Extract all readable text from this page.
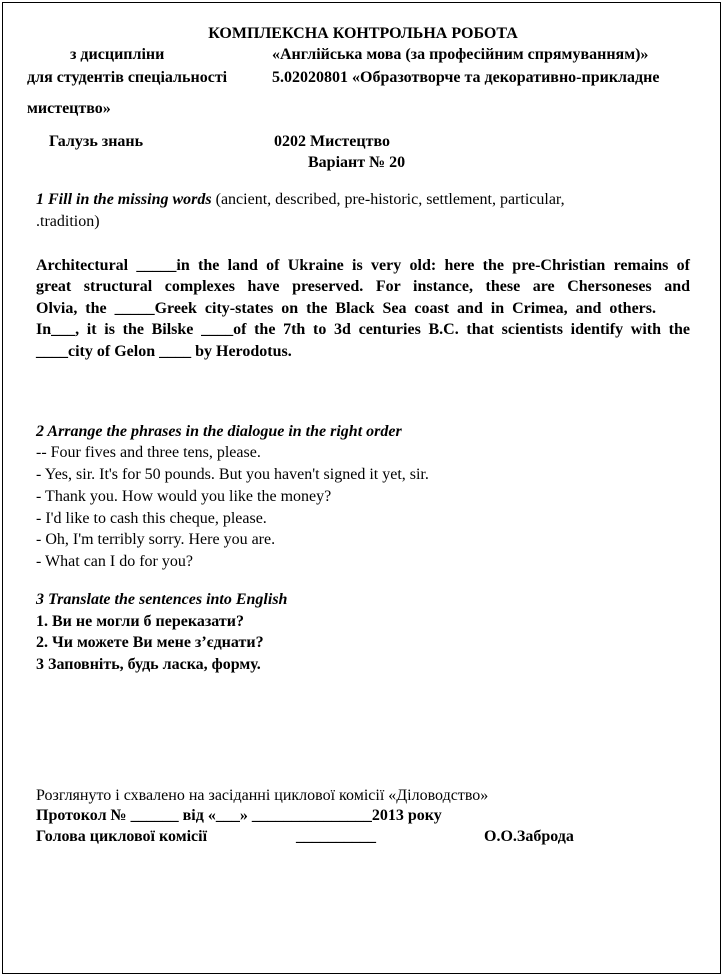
КОМПЛЕКСНА КОНТРОЛЬНА РОБОТА
з дисципліни	«Англійська мова (за професійним спрямуванням)»
для студентів спеціальності	5.02020801 «Образотворче та декоративно-прикладне
мистецтво»
Галузь знань	0202 Мистецтво
Варіант № 20
1 Fill in the missing words (ancient, described, pre-historic, settlement, particular,
.tradition)
Architectural _____in the land of Ukraine is very old: here the pre-Christian remains of
great structural complexes have preserved. For instance, these are Chersoneses and
Olvia, the _____Greek city-states on the Black Sea coast and in Crimea, and others.
In___, it is the Bilske ____of the 7th to 3d centuries B.C. that scientists identify with the
____city of Gelon ____ by Herodotus.
2 Arrange the phrases in the dialogue in the right order
-- Four fives and three tens, please.
- Yes, sir. It's for 50 pounds. But you haven't signed it yet, sir.
- Thank you. How would you like the money?
- I'd like to cash this cheque, please.
- Oh, I'm terribly sorry. Here you are.
- What can I do for you?
3 Translate the sentences into English
1. Ви не могли б переказати?
2. Чи можете Ви мене з’єднати?
3 Заповніть, будь ласка, форму.
Розглянуто і схвалено на засіданні циклової комісії «Діловодство»
Протокол № ______ від «___» _______________2013 року
Голова циклової комісії	__________	О.О.Заброда
